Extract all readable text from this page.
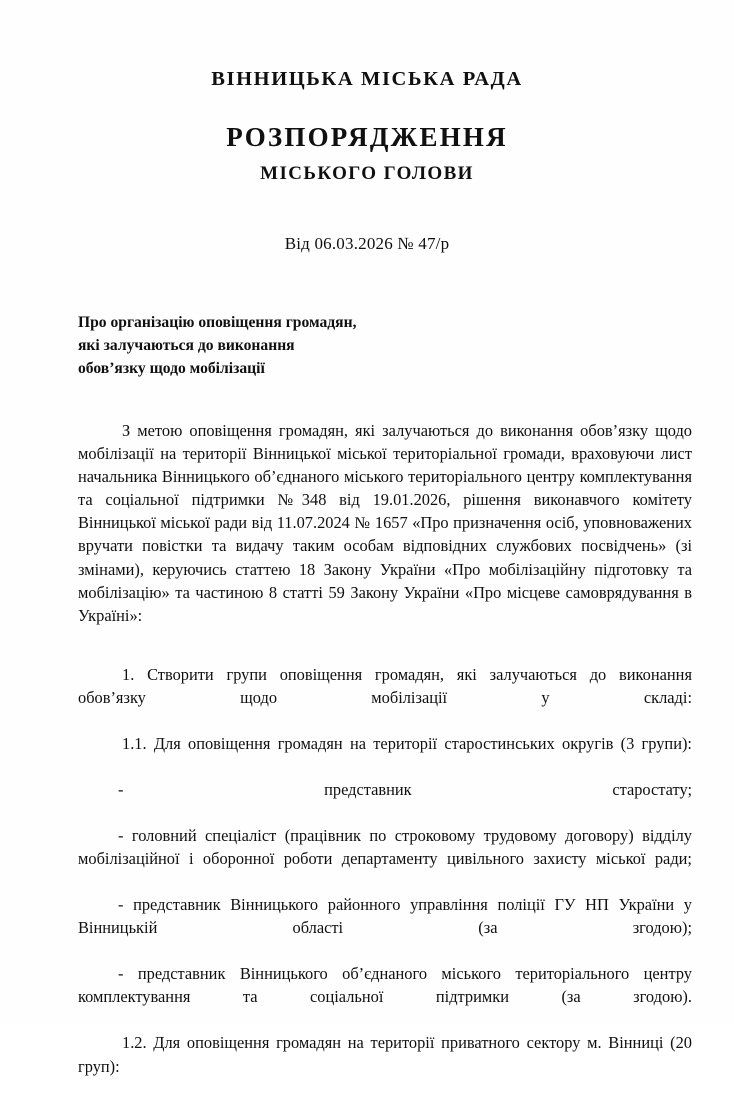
ВІННИЦЬКА МІСЬКА РАДА
РОЗПОРЯДЖЕННЯ
МІСЬКОГО ГОЛОВИ

Від 06.03.2026 № 47/р

Про організацію оповіщення громадян,
які залучаються до виконання
обов’язку щодо мобілізації

З метою оповіщення громадян, які залучаються до виконання обов’язку щодо мобілізації на території Вінницької міської територіальної громади, враховуючи лист начальника Вінницького об’єднаного міського територіального центру комплектування та соціальної підтримки №348 від 19.01.2026, рішення виконавчого комітету Вінницької міської ради від 11.07.2024 № 1657 «Про призначення осіб, уповноважених вручати повістки та видачу таким особам відповідних службових посвідчень» (зі змінами), керуючись статтею 18 Закону України «Про мобілізаційну підготовку та мобілізацію» та частиною 8 статті 59 Закону України «Про місцеве самоврядування в Україні»:

1. Створити групи оповіщення громадян, які залучаються до виконання обов’язку щодо мобілізації у складі:

1.1. Для оповіщення громадян на території старостинських округів (3 групи):

- представник старостату;

- головний спеціаліст (працівник по строковому трудовому договору) відділу мобілізаційної і оборонної роботи департаменту цивільного захисту міської ради;

- представник Вінницького районного управління поліції ГУ НП України у Вінницькій області (за згодою);

- представник Вінницького об’єднаного міського територіального центру комплектування та соціальної підтримки (за згодою).

1.2. Для оповіщення громадян на території приватного сектору м. Вінниці (20 груп):
